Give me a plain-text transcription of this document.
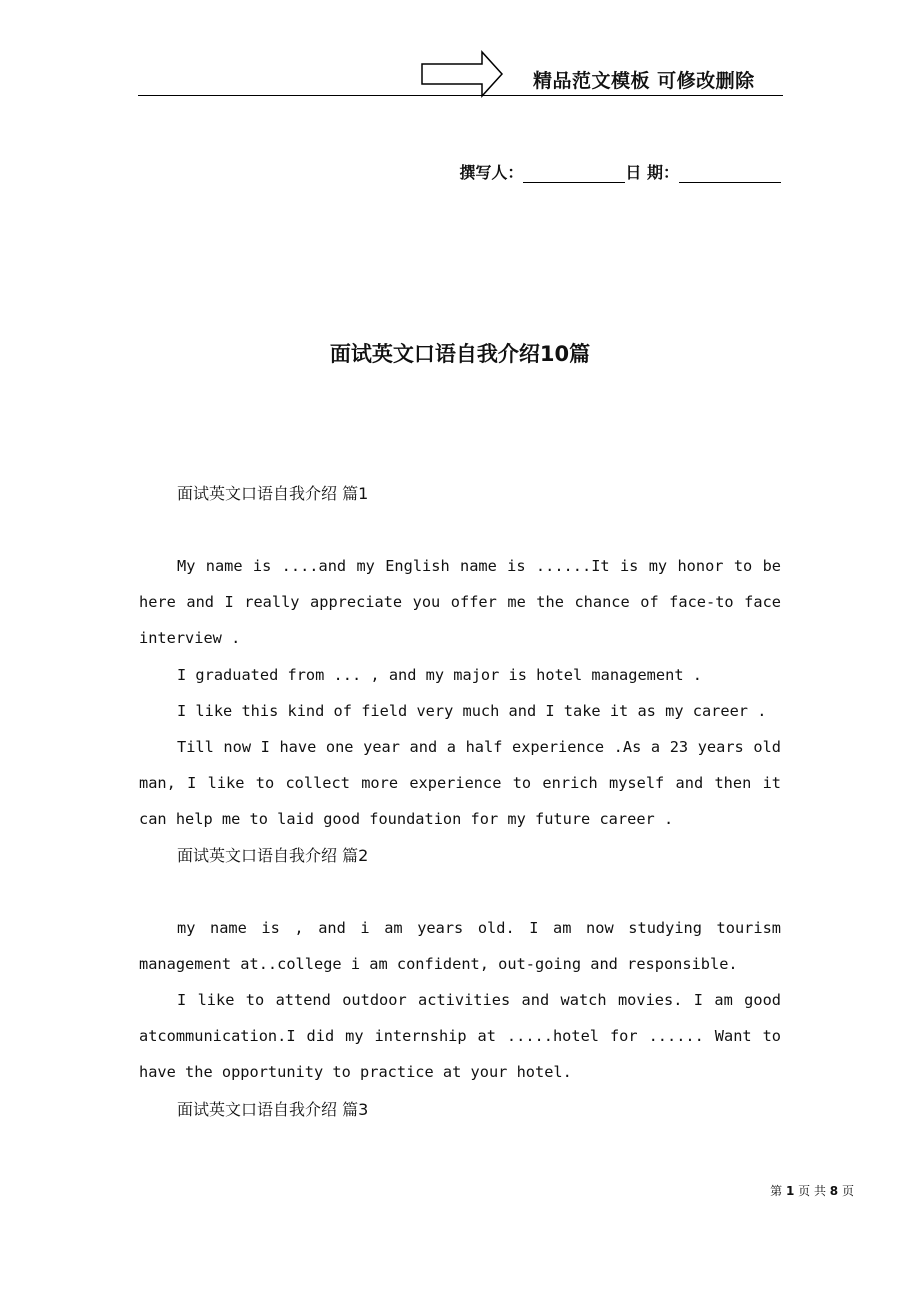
精品范文模板 可修改删除
撰写人：	日 期：
面试英文口语自我介绍10篇
面试英文口语自我介绍 篇1
My name is ....and my English name is ......It is my honor to be here and I really appreciate you offer me the chance of face-to face interview .
I graduated from ... , and my major is hotel management .
I like this kind of field very much and I take it as my career .
Till now I have one year and a half experience .As a 23 years old man, I like to collect more experience to enrich myself and then it can help me to laid good foundation for my future career .
面试英文口语自我介绍 篇2
my name is , and i am years old. I am now studying tourism management at..college i am confident, out-going and responsible.
I like to attend outdoor activities and watch movies. I am good atcommunication.I did my internship at .....hotel for ...... Want to have the opportunity to practice at your hotel.
面试英文口语自我介绍 篇3
第 1 页 共 8 页
